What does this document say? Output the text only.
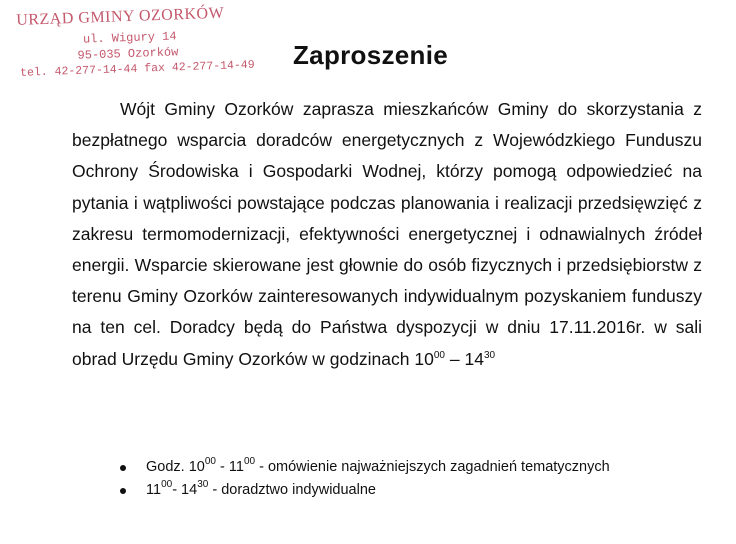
URZĄD GMINY OZORKÓW
ul. Wigury 14
95-035 Ozorków
tel. 42-277-14-44 fax 42-277-14-49 Zaproszenie

Wójt Gminy Ozorków zaprasza mieszkańców Gminy do skorzystania z bezpłatnego wsparcia doradców energetycznych z Wojewódzkiego Funduszu Ochrony Środowiska i Gospodarki Wodnej, którzy pomogą odpowiedzieć na pytania i wątpliwości powstające podczas planowania i realizacji przedsięwzięć z zakresu termomodernizacji, efektywności energetycznej i odnawialnych źródeł energii. Wsparcie skierowane jest głownie do osób fizycznych i przedsiębiorstw z terenu Gminy Ozorków zainteresowanych indywidualnym pozyskaniem funduszy na ten cel. Doradcy będą do Państwa dyspozycji w dniu 17.11.2016r. w sali obrad Urzędu Gminy Ozorków w godzinach $10^{00} - 14^{30}$

Godz. $10^{00} - 11^{00}$ - omówienie najważniejszych zagadnień tematycznych
$11^{00}-$ $14^{30}$ - doradztwo indywidualne
